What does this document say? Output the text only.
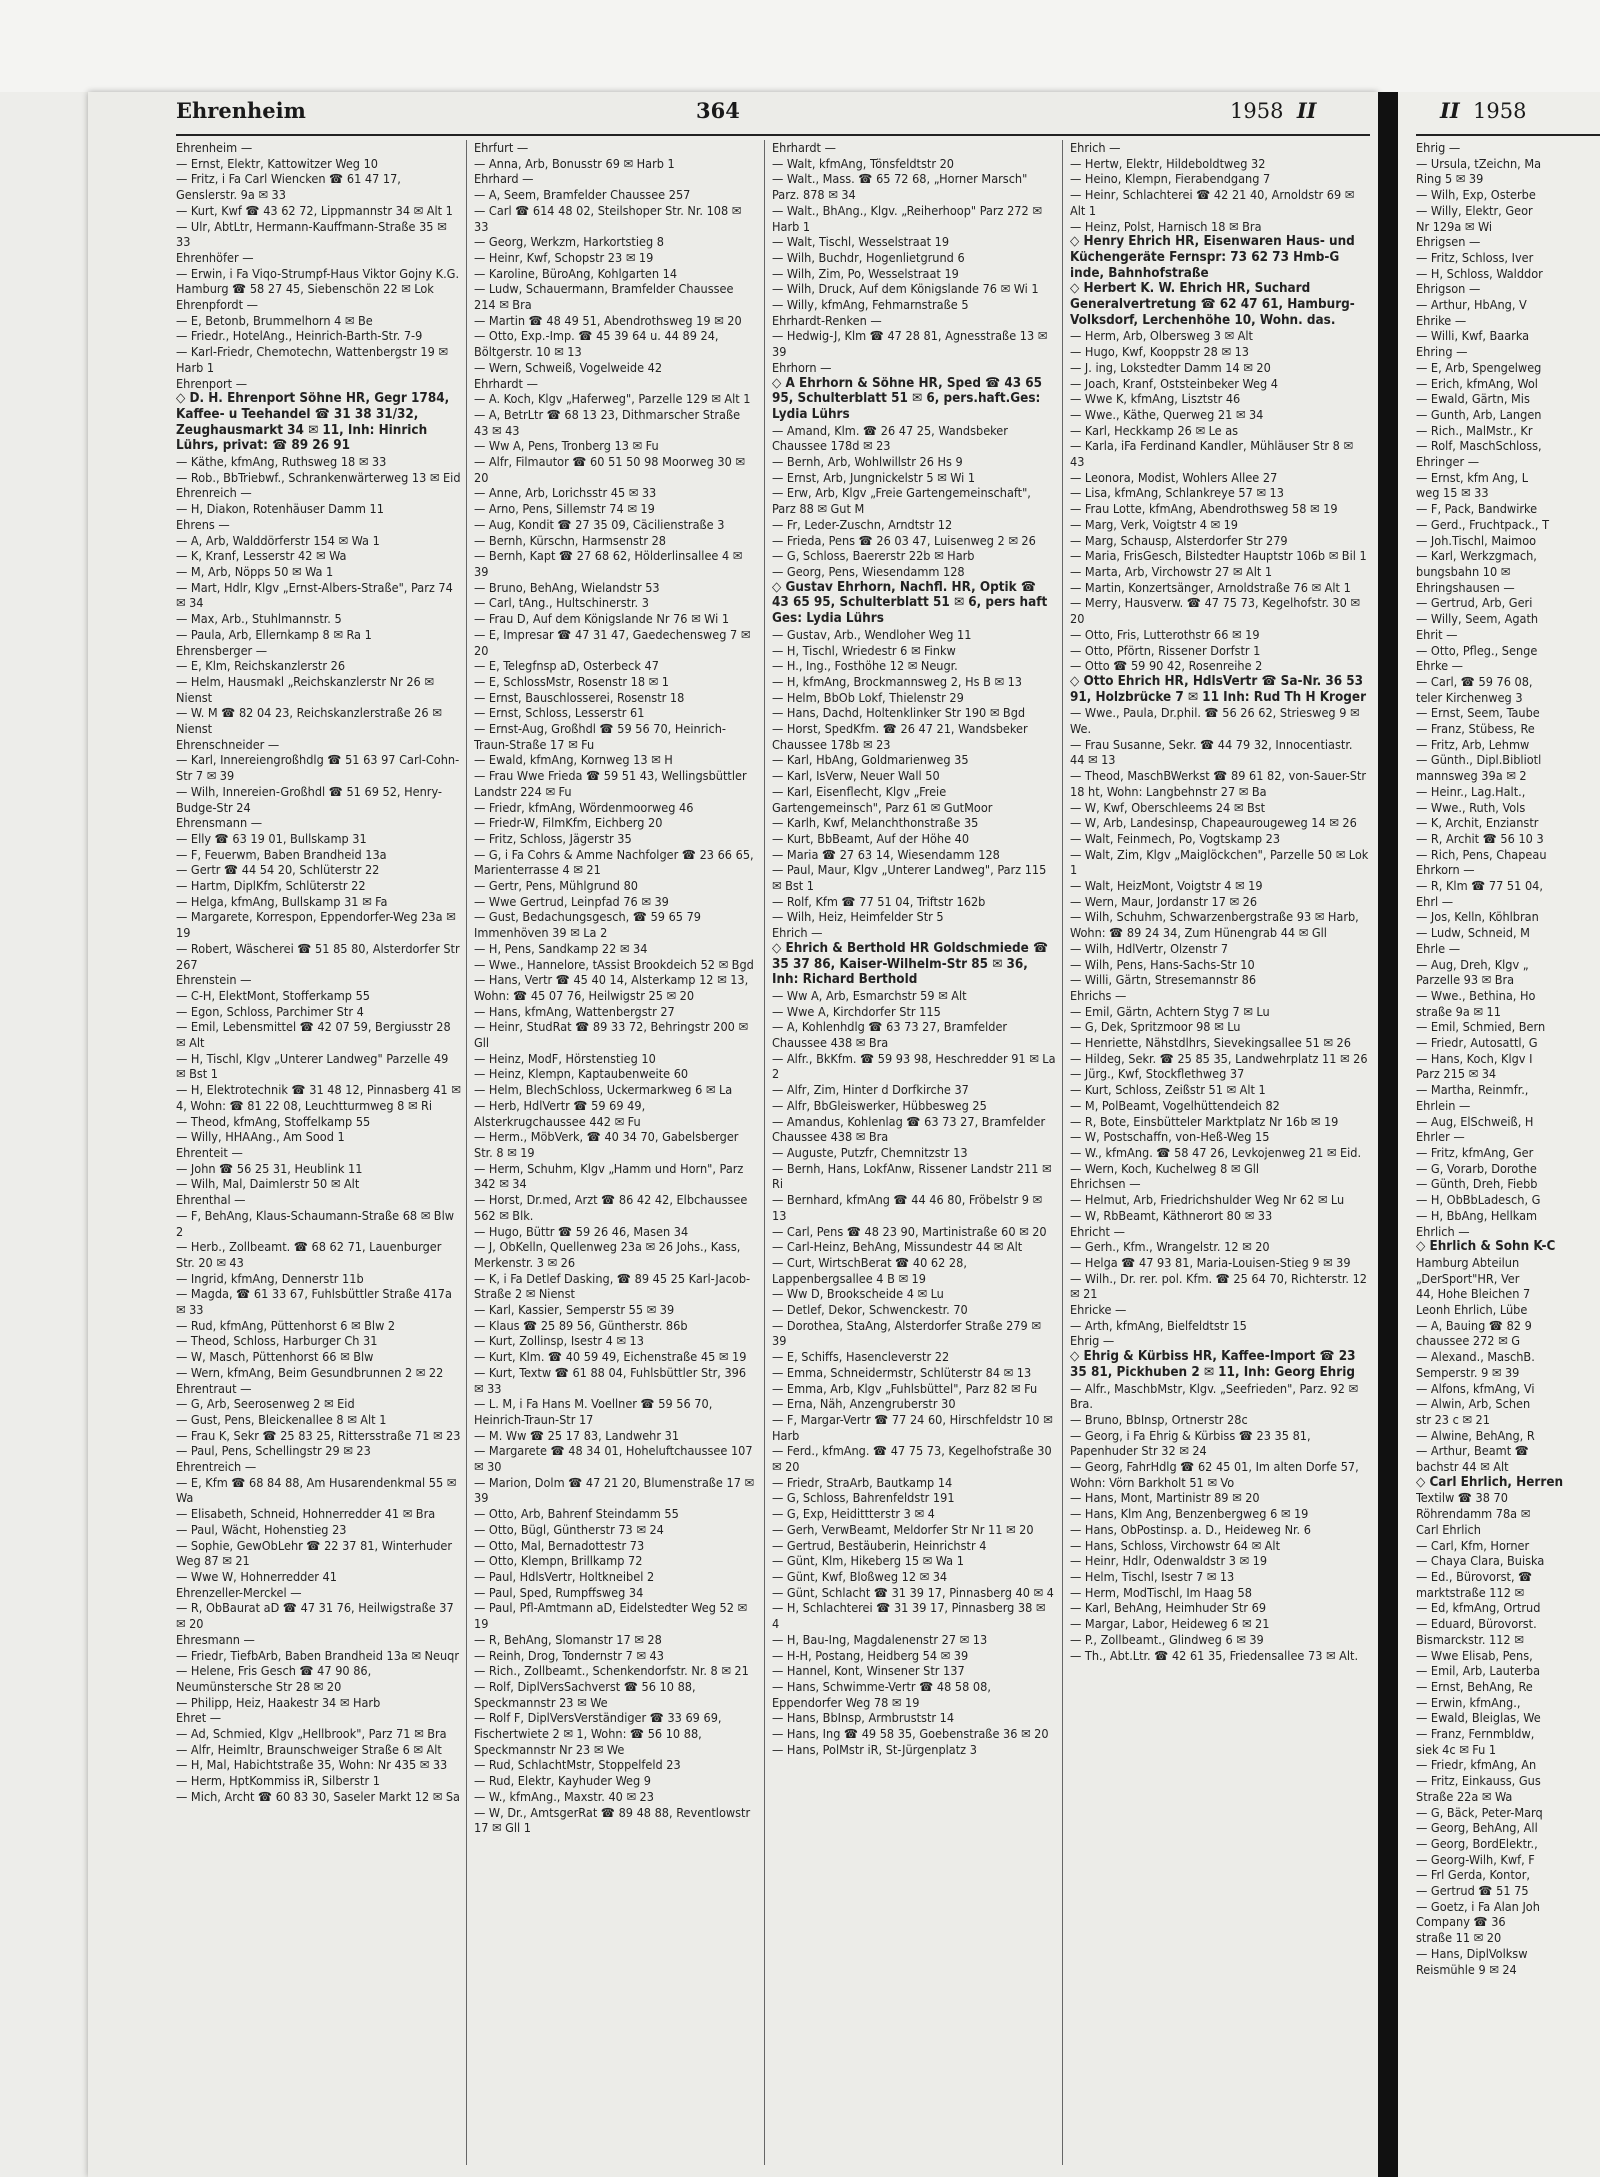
Ehrenheim	364	1958 II	II 1958

Ehrenheim —

— Ernst, Elektr, Kattowitzer Weg 10

— Fritz, i Fa Carl Wiencken ☎ 61 47 17, Genslerstr. 9a ✉ 33

— Kurt, Kwf ☎ 43 62 72, Lippmannstr 34 ✉ Alt 1

— Ulr, AbtLtr, Hermann-Kauffmann-Straße 35 ✉ 33

Ehrenhöfer —

— Erwin, i Fa Viqo-Strumpf-Haus Viktor Gojny K.G. Hamburg ☎ 58 27 45, Siebenschön 22 ✉ Lok

Ehrenpfordt —

— E, Betonb, Brummelhorn 4 ✉ Be

— Friedr., HotelAng., Heinrich-Barth-Str. 7-9

— Karl-Friedr, Chemotechn, Wattenbergstr 19 ✉ Harb 1

Ehrenport —

◇ D. H. Ehrenport Söhne HR, Gegr 1784, Kaffee- u Teehandel ☎ 31 38 31/32, Zeughausmarkt 34 ✉ 11, Inh: Hinrich Lührs, privat: ☎ 89 26 91

— Käthe, kfmAng, Ruthsweg 18 ✉ 33

— Rob., BbTriebwf., Schrankenwärterweg 13 ✉ Eid

Ehrenreich —

— H, Diakon, Rotenhäuser Damm 11

Ehrens —

— A, Arb, Walddörferstr 154 ✉ Wa 1

— K, Kranf, Lesserstr 42 ✉ Wa

— M, Arb, Nöpps 50 ✉ Wa 1

— Mart, Hdlr, Klgv „Ernst-Albers-Straße", Parz 74 ✉ 34

— Max, Arb., Stuhlmannstr. 5

— Paula, Arb, Ellernkamp 8 ✉ Ra 1

Ehrensberger —

— E, Klm, Reichskanzlerstr 26

— Helm, Hausmakl „Reichskanzlerstr Nr 26 ✉ Nienst

— W. M ☎ 82 04 23, Reichskanzlerstraße 26 ✉ Nienst

Ehrenschneider —

— Karl, Innereiengroßhdlg ☎ 51 63 97 Carl-Cohn-Str 7 ✉ 39

— Wilh, Innereien-Großhdl ☎ 51 69 52, Henry-Budge-Str 24

Ehrensmann —

— Elly ☎ 63 19 01, Bullskamp 31

— F, Feuerwm, Baben Brandheid 13a

— Gertr ☎ 44 54 20, Schlüterstr 22

— Hartm, DiplKfm, Schlüterstr 22

— Helga, kfmAng, Bullskamp 31 ✉ Fa

— Margarete, Korrespon, Eppendorfer-Weg 23a ✉ 19

— Robert, Wäscherei ☎ 51 85 80, Alsterdorfer Str 267

Ehrenstein —

— C-H, ElektMont, Stofferkamp 55

— Egon, Schloss, Parchimer Str 4

— Emil, Lebensmittel ☎ 42 07 59, Bergiusstr 28 ✉ Alt

— H, Tischl, Klgv „Unterer Landweg" Parzelle 49 ✉ Bst 1

— H, Elektrotechnik ☎ 31 48 12, Pinnasberg 41 ✉ 4, Wohn: ☎ 81 22 08, Leuchtturmweg 8 ✉ Ri

— Theod, kfmAng, Stoffelkamp 55

— Willy, HHAAng., Am Sood 1

Ehrenteit —

— John ☎ 56 25 31, Heublink 11

— Wilh, Mal, Daimlerstr 50 ✉ Alt

Ehrenthal —

— F, BehAng, Klaus-Schaumann-Straße 68 ✉ Blw 2

— Herb., Zollbeamt. ☎ 68 62 71, Lauenburger Str. 20 ✉ 43

— Ingrid, kfmAng, Dennerstr 11b

— Magda, ☎ 61 33 67, Fuhlsbüttler Straße 417a ✉ 33

— Rud, kfmAng, Püttenhorst 6 ✉ Blw 2

— Theod, Schloss, Harburger Ch 31

— W, Masch, Püttenhorst 66 ✉ Blw

— Wern, kfmAng, Beim Gesundbrunnen 2 ✉ 22

Ehrentraut —

— G, Arb, Seerosenweg 2 ✉ Eid

— Gust, Pens, Bleickenallee 8 ✉ Alt 1

— Frau K, Sekr ☎ 25 83 25, Rittersstraße 71 ✉ 23

— Paul, Pens, Schellingstr 29 ✉ 23

Ehrentreich —

— E, Kfm ☎ 68 84 88, Am Husarendenkmal 55 ✉ Wa

— Elisabeth, Schneid, Hohnerredder 41 ✉ Bra

— Paul, Wächt, Hohenstieg 23

— Sophie, GewObLehr ☎ 22 37 81, Winterhuder Weg 87 ✉ 21

— Wwe W, Hohnerredder 41

Ehrenzeller-Merckel —

— R, ObBaurat aD ☎ 47 31 76, Heilwigstraße 37 ✉ 20

Ehresmann —

— Friedr, TiefbArb, Baben Brandheid 13a ✉ Neuqr

— Helene, Fris Gesch ☎ 47 90 86, Neumünstersche Str 28 ✉ 20

— Philipp, Heiz, Haakestr 34 ✉ Harb

Ehret —

— Ad, Schmied, Klgv „Hellbrook", Parz 71 ✉ Bra

— Alfr, Heimltr, Braunschweiger Straße 6 ✉ Alt

— H, Mal, Habichtstraße 35, Wohn: Nr 435 ✉ 33

— Herm, HptKommiss iR, Silberstr 1

— Mich, Archt ☎ 60 83 30, Saseler Markt 12 ✉ Sa

Ehrfurt —

— Anna, Arb, Bonusstr 69 ✉ Harb 1

Ehrhard —

— A, Seem, Bramfelder Chaussee 257

— Carl ☎ 614 48 02, Steilshoper Str. Nr. 108 ✉ 33

— Georg, Werkzm, Harkortstieg 8

— Heinr, Kwf, Schopstr 23 ✉ 19

— Karoline, BüroAng, Kohlgarten 14

— Ludw, Schauermann, Bramfelder Chaussee 214 ✉ Bra

— Martin ☎ 48 49 51, Abendrothsweg 19 ✉ 20

— Otto, Exp.-Imp. ☎ 45 39 64 u. 44 89 24, Böltgerstr. 10 ✉ 13

— Wern, Schweiß, Vogelweide 42

Ehrhardt —

— A. Koch, Klgv „Haferweg", Parzelle 129 ✉ Alt 1

— A, BetrLtr ☎ 68 13 23, Dithmarscher Straße 43 ✉ 43

— Ww A, Pens, Tronberg 13 ✉ Fu

— Alfr, Filmautor ☎ 60 51 50 98 Moorweg 30 ✉ 20

— Anne, Arb, Lorichsstr 45 ✉ 33

— Arno, Pens, Sillemstr 74 ✉ 19

— Aug, Kondit ☎ 27 35 09, Cäcilienstraße 3

— Bernh, Kürschn, Harmsenstr 28

— Bernh, Kapt ☎ 27 68 62, Hölderlinsallee 4 ✉ 39

— Bruno, BehAng, Wielandstr 53

— Carl, tAng., Hultschinerstr. 3

— Frau D, Auf dem Königslande Nr 76 ✉ Wi 1

— E, Impresar ☎ 47 31 47, Gaedechensweg 7 ✉ 20

— E, Telegfnsp aD, Osterbeck 47

— E, SchlossMstr, Rosenstr 18 ✉ 1

— Ernst, Bauschlosserei, Rosenstr 18

— Ernst, Schloss, Lesserstr 61

— Ernst-Aug, Großhdl ☎ 59 56 70, Heinrich-Traun-Straße 17 ✉ Fu

— Ewald, kfmAng, Kornweg 13 ✉ H

— Frau Wwe Frieda ☎ 59 51 43, Wellingsbüttler Landstr 224 ✉ Fu

— Friedr, kfmAng, Wördenmoorweg 46

— Friedr-W, FilmKfm, Eichberg 20

— Fritz, Schloss, Jägerstr 35

— G, i Fa Cohrs & Amme Nachfolger ☎ 23 66 65, Marienterrasse 4 ✉ 21

— Gertr, Pens, Mühlgrund 80

— Wwe Gertrud, Leinpfad 76 ✉ 39

— Gust, Bedachungsgesch, ☎ 59 65 79 Immenhöven 39 ✉ La 2

— H, Pens, Sandkamp 22 ✉ 34

— Wwe., Hannelore, tAssist Brookdeich 52 ✉ Bgd

— Hans, Vertr ☎ 45 40 14, Alsterkamp 12 ✉ 13, Wohn: ☎ 45 07 76, Heilwigstr 25 ✉ 20

— Hans, kfmAng, Wattenbergstr 27

— Heinr, StudRat ☎ 89 33 72, Behringstr 200 ✉ Gll

— Heinz, ModF, Hörstenstieg 10

— Heinz, Klempn, Kaptaubenweite 60

— Helm, BlechSchloss, Uckermarkweg 6 ✉ La

— Herb, HdlVertr ☎ 59 69 49, Alsterkrugchaussee 442 ✉ Fu

— Herm., MöbVerk, ☎ 40 34 70, Gabelsberger Str. 8 ✉ 19

— Herm, Schuhm, Klgv „Hamm und Horn", Parz 342 ✉ 34

— Horst, Dr.med, Arzt ☎ 86 42 42, Elbchaussee 562 ✉ Blk.

— Hugo, Büttr ☎ 59 26 46, Masen 34

— J, ObKelln, Quellenweg 23a ✉ 26 Johs., Kass, Merkenstr. 3 ✉ 26

— K, i Fa Detlef Dasking, ☎ 89 45 25 Karl-Jacob-Straße 2 ✉ Nienst

— Karl, Kassier, Semperstr 55 ✉ 39

— Klaus ☎ 25 89 56, Güntherstr. 86b

— Kurt, Zollinsp, Isestr 4 ✉ 13

— Kurt, Klm. ☎ 40 59 49, Eichenstraße 45 ✉ 19

— Kurt, Textw ☎ 61 88 04, Fuhlsbüttler Str, 396 ✉ 33

— L. M, i Fa Hans M. Voellner ☎ 59 56 70, Heinrich-Traun-Str 17

— M. Ww ☎ 25 17 83, Landwehr 31

— Margarete ☎ 48 34 01, Hoheluftchaussee 107 ✉ 30

— Marion, Dolm ☎ 47 21 20, Blumenstraße 17 ✉ 39

— Otto, Arb, Bahrenf Steindamm 55

— Otto, Bügl, Güntherstr 73 ✉ 24

— Otto, Mal, Bernadottestr 73

— Otto, Klempn, Brillkamp 72

— Paul, HdlsVertr, Holtkneibel 2

— Paul, Sped, Rumpffsweg 34

— Paul, Pfl-Amtmann aD, Eidelstedter Weg 52 ✉ 19

— R, BehAng, Slomanstr 17 ✉ 28

— Reinh, Drog, Tondernstr 7 ✉ 43

— Rich., Zollbeamt., Schenkendorfstr. Nr. 8 ✉ 21

— Rolf, DiplVersSachverst ☎ 56 10 88, Speckmannstr 23 ✉ We

— Rolf F, DiplVersVerständiger ☎ 33 69 69, Fischertwiete 2 ✉ 1, Wohn: ☎ 56 10 88, Speckmannstr Nr 23 ✉ We

— Rud, SchlachtMstr, Stoppelfeld 23

— Rud, Elektr, Kayhuder Weg 9

— W., kfmAng., Maxstr. 40 ✉ 23

— W, Dr., AmtsgerRat ☎ 89 48 88, Reventlowstr 17 ✉ Gll 1

Ehrhardt —

— Walt, kfmAng, Tönsfeldtstr 20

— Walt., Mass. ☎ 65 72 68, „Horner Marsch" Parz. 878 ✉ 34

— Walt., BhAng., Klgv. „Reiherhoop" Parz 272 ✉ Harb 1

— Walt, Tischl, Wesselstraat 19

— Wilh, Buchdr, Hogenlietgrund 6

— Wilh, Zim, Po, Wesselstraat 19

— Wilh, Druck, Auf dem Königslande 76 ✉ Wi 1

— Willy, kfmAng, Fehmarnstraße 5

Ehrhardt-Renken —

— Hedwig-J, Klm ☎ 47 28 81, Agnesstraße 13 ✉ 39

Ehrhorn —

◇ A Ehrhorn & Söhne HR, Sped ☎ 43 65 95, Schulterblatt 51 ✉ 6, pers.haft.Ges: Lydia Lührs

— Amand, Klm. ☎ 26 47 25, Wandsbeker Chaussee 178d ✉ 23

— Bernh, Arb, Wohlwillstr 26 Hs 9

— Ernst, Arb, Jungnickelstr 5 ✉ Wi 1

— Erw, Arb, Klgv „Freie Gartengemeinschaft", Parz 88 ✉ Gut M

— Fr, Leder-Zuschn, Arndtstr 12

— Frieda, Pens ☎ 26 03 47, Luisenweg 2 ✉ 26

— G, Schloss, Baererstr 22b ✉ Harb

— Georg, Pens, Wiesendamm 128

◇ Gustav Ehrhorn, Nachfl. HR, Optik ☎ 43 65 95, Schulterblatt 51 ✉ 6, pers haft Ges: Lydia Lührs

— Gustav, Arb., Wendloher Weg 11

— H, Tischl, Wriedestr 6 ✉ Finkw

— H., Ing., Fosthöhe 12 ✉ Neugr.

— H, kfmAng, Brockmannsweg 2, Hs B ✉ 13

— Helm, BbOb Lokf, Thielenstr 29

— Hans, Dachd, Holtenklinker Str 190 ✉ Bgd

— Horst, SpedKfm. ☎ 26 47 21, Wandsbeker Chaussee 178b ✉ 23

— Karl, HbAng, Goldmarienweg 35

— Karl, IsVerw, Neuer Wall 50

— Karl, Eisenflecht, Klgv „Freie Gartengemeinsch", Parz 61 ✉ GutMoor

— Karlh, Kwf, Melanchthonstraße 35

— Kurt, BbBeamt, Auf der Höhe 40

— Maria ☎ 27 63 14, Wiesendamm 128

— Paul, Maur, Klgv „Unterer Landweg", Parz 115 ✉ Bst 1

— Rolf, Kfm ☎ 77 51 04, Triftstr 162b

— Wilh, Heiz, Heimfelder Str 5

Ehrich —

◇ Ehrich & Berthold HR Goldschmiede ☎ 35 37 86, Kaiser-Wilhelm-Str 85 ✉ 36, Inh: Richard Berthold

— Ww A, Arb, Esmarchstr 59 ✉ Alt

— Wwe A, Kirchdorfer Str 115

— A, Kohlenhdlg ☎ 63 73 27, Bramfelder Chaussee 438 ✉ Bra

— Alfr., BkKfm. ☎ 59 93 98, Heschredder 91 ✉ La 2

— Alfr, Zim, Hinter d Dorfkirche 37

— Alfr, BbGleiswerker, Hübbesweg 25

— Amandus, Kohlenlag ☎ 63 73 27, Bramfelder Chaussee 438 ✉ Bra

— Auguste, Putzfr, Chemnitzstr 13

— Bernh, Hans, LokfAnw, Rissener Landstr 211 ✉ Ri

— Bernhard, kfmAng ☎ 44 46 80, Fröbelstr 9 ✉ 13

— Carl, Pens ☎ 48 23 90, Martinistraße 60 ✉ 20

— Carl-Heinz, BehAng, Missundestr 44 ✉ Alt

— Curt, WirtschBerat ☎ 40 62 28, Lappenbergsallee 4 B ✉ 19

— Ww D, Brookscheide 4 ✉ Lu

— Detlef, Dekor, Schwenckestr. 70

— Dorothea, StaAng, Alsterdorfer Straße 279 ✉ 39

— E, Schiffs, Hasencleverstr 22

— Emma, Schneidermstr, Schlüterstr 84 ✉ 13

— Emma, Arb, Klgv „Fuhlsbüttel", Parz 82 ✉ Fu

— Erna, Näh, Anzengruberstr 30

— F, Margar-Vertr ☎ 77 24 60, Hirschfeldstr 10 ✉ Harb

— Ferd., kfmAng. ☎ 47 75 73, Kegelhofstraße 30 ✉ 20

— Friedr, StraArb, Bautkamp 14

— G, Schloss, Bahrenfeldstr 191

— G, Exp, Heidittterstr 3 ✉ 4

— Gerh, VerwBeamt, Meldorfer Str Nr 11 ✉ 20

— Gertrud, Bestäuberin, Heinrichstr 4

— Günt, Klm, Hikeberg 15 ✉ Wa 1

— Günt, Kwf, Bloßweg 12 ✉ 34

— Günt, Schlacht ☎ 31 39 17, Pinnasberg 40 ✉ 4

— H, Schlachterei ☎ 31 39 17, Pinnasberg 38 ✉ 4

— H, Bau-Ing, Magdalenenstr 27 ✉ 13

— H-H, Postang, Heidberg 54 ✉ 39

— Hannel, Kont, Winsener Str 137

— Hans, Schwimme-Vertr ☎ 48 58 08, Eppendorfer Weg 78 ✉ 19

— Hans, BbInsp, Armbruststr 14

— Hans, Ing ☎ 49 58 35, Goebenstraße 36 ✉ 20

— Hans, PolMstr iR, St-Jürgenplatz 3

Ehrich —

— Hertw, Elektr, Hildeboldtweg 32

— Heino, Klempn, Fierabendgang 7

— Heinr, Schlachterei ☎ 42 21 40, Arnoldstr 69 ✉ Alt 1

— Heinz, Polst, Harnisch 18 ✉ Bra

◇ Henry Ehrich HR, Eisenwaren Haus- und Küchengeräte Fernspr: 73 62 73 Hmb-G inde, Bahnhofstraße

◇ Herbert K. W. Ehrich HR, Suchard Generalvertretung ☎ 62 47 61, Hamburg-Volksdorf, Lerchenhöhe 10, Wohn. das.

— Herm, Arb, Olbersweg 3 ✉ Alt

— Hugo, Kwf, Kooppstr 28 ✉ 13

— J. ing, Lokstedter Damm 14 ✉ 20

— Joach, Kranf, Oststeinbeker Weg 4

— Wwe K, kfmAng, Lisztstr 46

— Wwe., Käthe, Querweg 21 ✉ 34

— Karl, Heckkamp 26 ✉ Le as

— Karla, iFa Ferdinand Kandler, Mühläuser Str 8 ✉ 43

— Leonora, Modist, Wohlers Allee 27

— Lisa, kfmAng, Schlankreye 57 ✉ 13

— Frau Lotte, kfmAng, Abendrothsweg 58 ✉ 19

— Marg, Verk, Voigtstr 4 ✉ 19

— Marg, Schausp, Alsterdorfer Str 279

— Maria, FrisGesch, Bilstedter Hauptstr 106b ✉ Bil 1

— Marta, Arb, Virchowstr 27 ✉ Alt 1

— Martin, Konzertsänger, Arnoldstraße 76 ✉ Alt 1

— Merry, Hausverw. ☎ 47 75 73, Kegelhofstr. 30 ✉ 20

— Otto, Fris, Lutterothstr 66 ✉ 19

— Otto, Pförtn, Rissener Dorfstr 1

— Otto ☎ 59 90 42, Rosenreihe 2

◇ Otto Ehrich HR, HdlsVertr ☎ Sa-Nr. 36 53 91, Holzbrücke 7 ✉ 11 Inh: Rud Th H Kroger

— Wwe., Paula, Dr.phil. ☎ 56 26 62, Striesweg 9 ✉ We.

— Frau Susanne, Sekr. ☎ 44 79 32, Innocentiastr. 44 ✉ 13

— Theod, MaschBWerkst ☎ 89 61 82, von-Sauer-Str 18 ht, Wohn: Langbehnstr 27 ✉ Ba

— W, Kwf, Oberschleems 24 ✉ Bst

— W, Arb, Landesinsp, Chapeaurougeweg 14 ✉ 26

— Walt, Feinmech, Po, Vogtskamp 23

— Walt, Zim, Klgv „Maiglöckchen", Parzelle 50 ✉ Lok 1

— Walt, HeizMont, Voigtstr 4 ✉ 19

— Wern, Maur, Jordanstr 17 ✉ 26

— Wilh, Schuhm, Schwarzenbergstraße 93 ✉ Harb, Wohn: ☎ 89 24 34, Zum Hünengrab 44 ✉ Gll

— Wilh, HdlVertr, Olzenstr 7

— Wilh, Pens, Hans-Sachs-Str 10

— Willi, Gärtn, Stresemannstr 86

Ehrichs —

— Emil, Gärtn, Achtern Styg 7 ✉ Lu

— G, Dek, Spritzmoor 98 ✉ Lu

— Henriette, Nähstdlhrs, Sievekingsallee 51 ✉ 26

— Hildeg, Sekr. ☎ 25 85 35, Landwehrplatz 11 ✉ 26

— Jürg., Kwf, Stockflethweg 37

— Kurt, Schloss, Zeißstr 51 ✉ Alt 1

— M, PolBeamt, Vogelhüttendeich 82

— R, Bote, Einsbütteler Marktplatz Nr 16b ✉ 19

— W, Postschaffn, von-Heß-Weg 15

— W., kfmAng. ☎ 58 47 26, Levkojenweg 21 ✉ Eid.

— Wern, Koch, Kuchelweg 8 ✉ Gll

Ehrichsen —

— Helmut, Arb, Friedrichshulder Weg Nr 62 ✉ Lu

— W, RbBeamt, Käthnerort 80 ✉ 33

Ehricht —

— Gerh., Kfm., Wrangelstr. 12 ✉ 20

— Helga ☎ 47 93 81, Maria-Louisen-Stieg 9 ✉ 39

— Wilh., Dr. rer. pol. Kfm. ☎ 25 64 70, Richterstr. 12 ✉ 21

Ehricke —

— Arth, kfmAng, Bielfeldtstr 15

Ehrig —

◇ Ehrig & Kürbiss HR, Kaffee-Import ☎ 23 35 81, Pickhuben 2 ✉ 11, Inh: Georg Ehrig

— Alfr., MaschbMstr, Klgv. „Seefrieden", Parz. 92 ✉ Bra.

— Bruno, BbInsp, Ortnerstr 28c

— Georg, i Fa Ehrig & Kürbiss ☎ 23 35 81, Papenhuder Str 32 ✉ 24

— Georg, FahrHdlg ☎ 62 45 01, Im alten Dorfe 57, Wohn: Vörn Barkholt 51 ✉ Vo

— Hans, Mont, Martinistr 89 ✉ 20

— Hans, Klm Ang, Benzenbergweg 6 ✉ 19

— Hans, ObPostinsp. a. D., Heideweg Nr. 6

— Hans, Schloss, Virchowstr 64 ✉ Alt

— Heinr, Hdlr, Odenwaldstr 3 ✉ 19

— Helm, Tischl, Isestr 7 ✉ 13

— Herm, ModTischl, Im Haag 58

— Karl, BehAng, Heimhuder Str 69

— Margar, Labor, Heideweg 6 ✉ 21

— P., Zollbeamt., Glindweg 6 ✉ 39

— Th., Abt.Ltr. ☎ 42 61 35, Friedensallee 73 ✉ Alt.

Ehrig —

— Ursula, tZeichn, Ma

Ring 5 ✉ 39

— Wilh, Exp, Osterbe

— Willy, Elektr, Geor

Nr 129a ✉ Wi

Ehrigsen —

— Fritz, Schloss, Iver

— H, Schloss, Walddor

Ehrigson —

— Arthur, HbAng, V

Ehrike —

— Willi, Kwf, Baarka

Ehring —

— E, Arb, Spengelweg

— Erich, kfmAng, Wol

— Ewald, Gärtn, Mis

— Gunth, Arb, Langen

— Rich., MalMstr., Kr

— Rolf, MaschSchloss,

Ehringer —

— Ernst, kfm Ang, L

weg 15 ✉ 33

— F, Pack, Bandwirke

— Gerd., Fruchtpack., T

— Joh.Tischl, Maimoo

— Karl, Werkzgmach,

bungsbahn 10 ✉

Ehringshausen —

— Gertrud, Arb, Geri

— Willy, Seem, Agath

Ehrit —

— Otto, Pfleg., Senge

Ehrke —

— Carl, ☎ 59 76 08,

teler Kirchenweg 3

— Ernst, Seem, Taube

— Franz, Stübess, Re

— Fritz, Arb, Lehmw

— Günth., Dipl.Bibliotl

mannsweg 39a ✉ 2

— Heinr., Lag.Halt.,

— Wwe., Ruth, Vols

— K, Archit, Enzianstr

— R, Archit ☎ 56 10 3

— Rich, Pens, Chapeau

Ehrkorn —

— R, Klm ☎ 77 51 04,

Ehrl —

— Jos, Kelln, Köhlbran

— Ludw, Schneid, M

Ehrle —

— Aug, Dreh, Klgv „

Parzelle 93 ✉ Bra

— Wwe., Bethina, Ho

straße 9a ✉ 11

— Emil, Schmied, Bern

— Friedr, Autosattl, G

— Hans, Koch, Klgv I

Parz 215 ✉ 34

— Martha, Reinmfr.,

Ehrlein —

— Aug, ElSchweiß, H

Ehrler —

— Fritz, kfmAng, Ger

— G, Vorarb, Dorothe

— Günth, Dreh, Fiebb

— H, ObBbLadesch, G

— H, BbAng, Hellkam

Ehrlich —

◇ Ehrlich & Sohn K-C

Hamburg Abteilun

„DerSport"HR, Ver

44, Hohe Bleichen 7

Leonh Ehrlich, Lübe

— A, Bauing ☎ 82 9

chaussee 272 ✉ G

— Alexand., MaschB.

Semperstr. 9 ✉ 39

— Alfons, kfmAng, Vi

— Alwin, Arb, Schen

str 23 c ✉ 21

— Alwine, BehAng, R

— Arthur, Beamt ☎

bachstr 44 ✉ Alt

◇ Carl Ehrlich, Herren

Textilw ☎ 38 70

Röhrendamm 78a ✉

Carl Ehrlich

— Carl, Kfm, Horner

— Chaya Clara, Buiska

— Ed., Bürovorst, ☎

marktstraße 112 ✉

— Ed, kfmAng, Ortrud

— Eduard, Bürovorst.

Bismarckstr. 112 ✉

— Wwe Elisab, Pens,

— Emil, Arb, Lauterba

— Ernst, BehAng, Re

— Erwin, kfmAng.,

— Ewald, Bleiglas, We

— Franz, Fernmbldw,

siek 4c ✉ Fu 1

— Friedr, kfmAng, An

— Fritz, Einkauss, Gus

Straße 22a ✉ Wa

— G, Bäck, Peter-Marq

— Georg, BehAng, All

— Georg, BordElektr.,

— Georg-Wilh, Kwf, F

— Frl Gerda, Kontor,

— Gertrud ☎ 51 75

— Goetz, i Fa Alan Joh

Company ☎ 36

straße 11 ✉ 20

— Hans, DiplVolksw

Reismühle 9 ✉ 24
